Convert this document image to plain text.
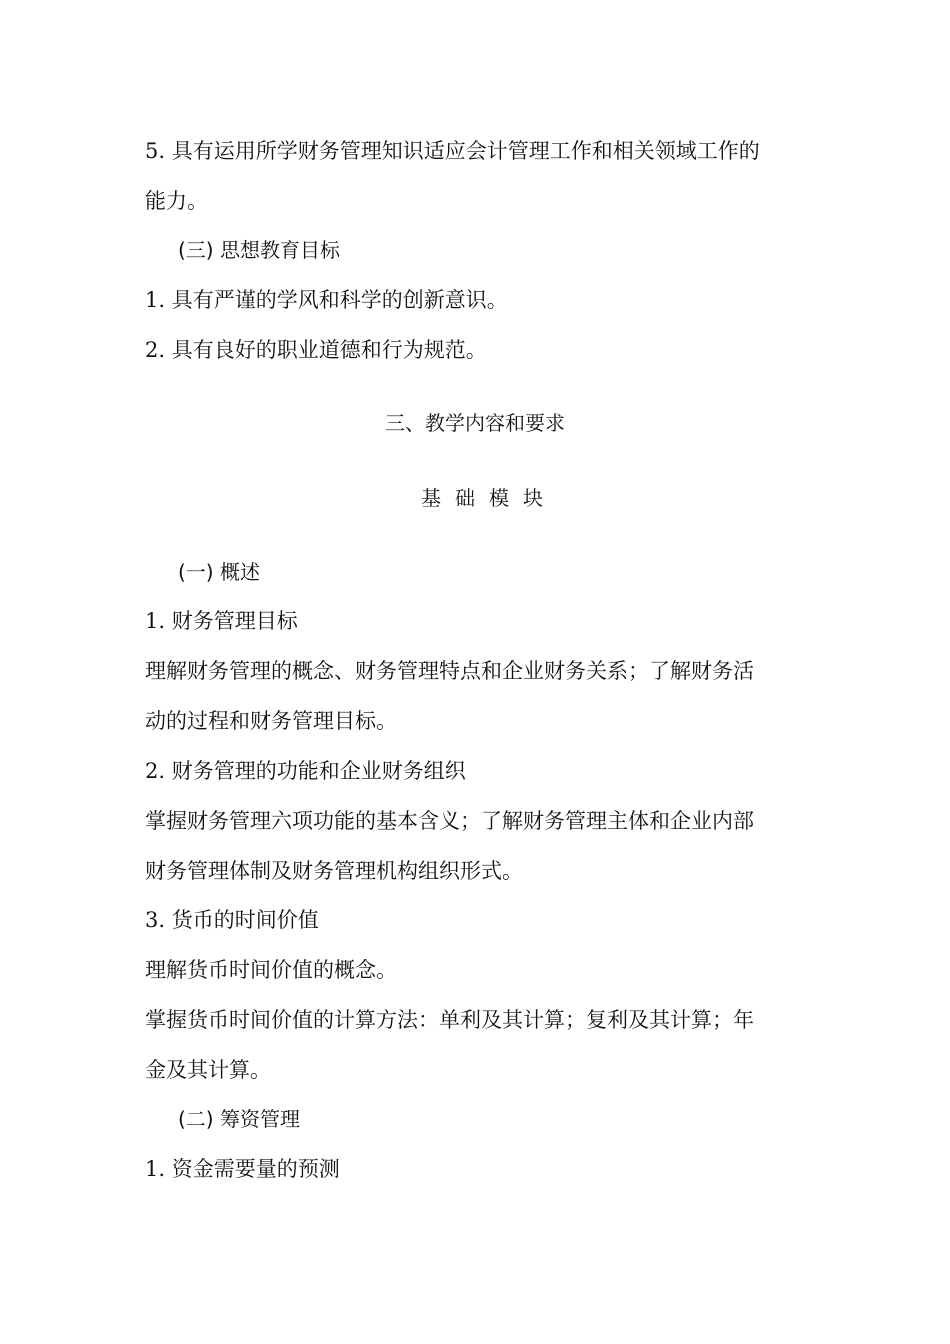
5. 具有运用所学财务管理知识适应会计管理工作和相关领域工作的
能力。
(三) 思想教育目标
1. 具有严谨的学风和科学的创新意识。
2. 具有良好的职业道德和行为规范。
三、教学内容和要求
基础模块
(一) 概述
1. 财务管理目标
理解财务管理的概念、财务管理特点和企业财务关系；了解财务活
动的过程和财务管理目标。
2. 财务管理的功能和企业财务组织
掌握财务管理六项功能的基本含义；了解财务管理主体和企业内部
财务管理体制及财务管理机构组织形式。
3. 货币的时间价值
理解货币时间价值的概念。
掌握货币时间价值的计算方法：单利及其计算；复利及其计算；年
金及其计算。
(二) 筹资管理
1. 资金需要量的预测
